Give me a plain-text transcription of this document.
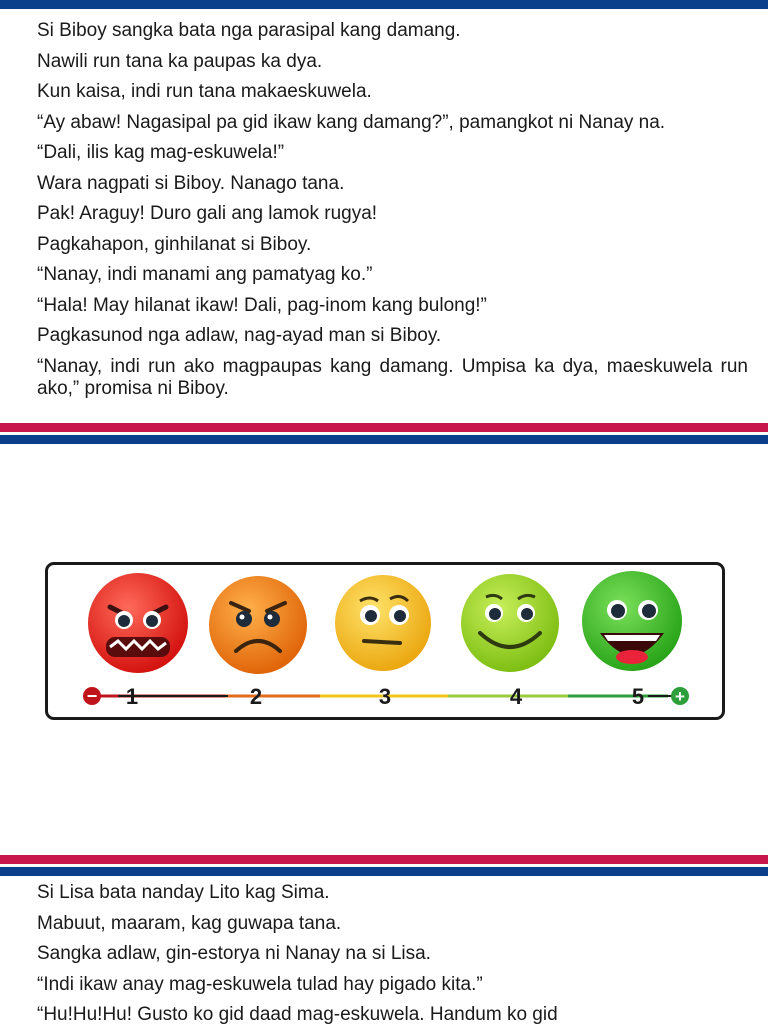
Si Biboy sangka bata nga parasipal kang damang.
Nawili run tana ka paupas ka dya.
Kun kaisa, indi run tana makaeskuwela.
“Ay abaw! Nagasipal pa gid ikaw kang damang?”, pamangkot ni Nanay na.
“Dali, ilis kag mag-eskuwela!”
Wara nagpati si Biboy. Nanago tana.
Pak! Araguy! Duro gali ang lamok rugya!
Pagkahapon, ginhilanat si Biboy.
“Nanay, indi manami ang pamatyag ko.”
“Hala! May hilanat ikaw! Dali, pag-inom kang bulong!”
Pagkasunod nga adlaw, nag-ayad man si Biboy.
“Nanay, indi run ako magpaupas kang damang. Umpisa ka dya, maeskuwela run ako,” promisa ni Biboy.
−	+
1	2	3	4	5
Si Lisa bata nanday Lito kag Sima.
Mabuut, maaram, kag guwapa tana.
Sangka adlaw, gin-estorya ni Nanay na si Lisa.
“Indi ikaw anay mag-eskuwela tulad hay pigado kita.”
“Hu!Hu!Hu! Gusto ko gid daad mag-eskuwela. Handum ko gid
